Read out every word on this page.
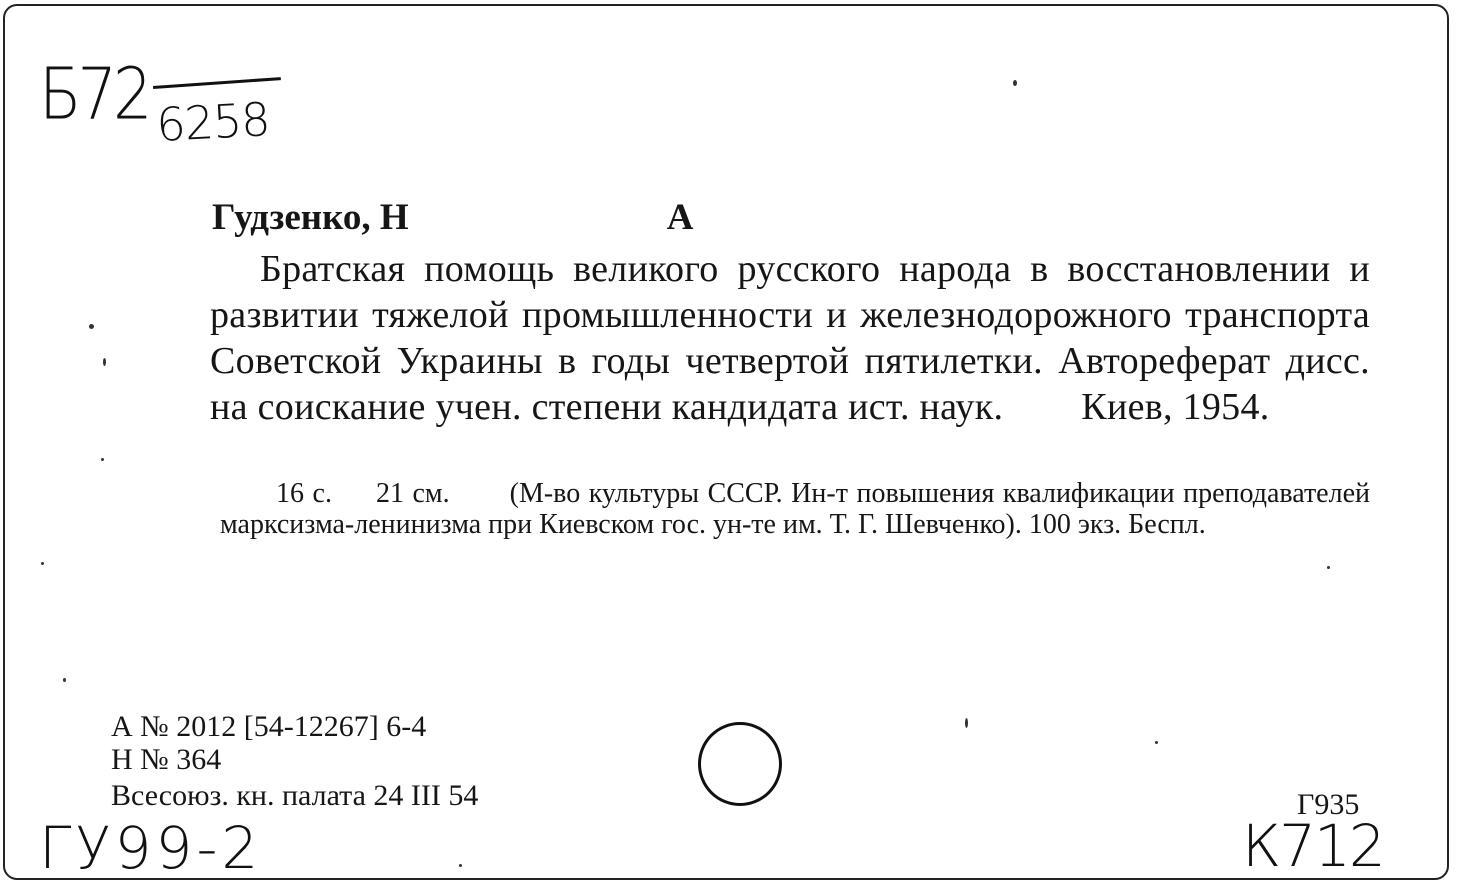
Б72 6258
Гудзенко, Н	А
Братская помощь великого русского народа в восстановлении и развитии тяжелой промышленности и железнодорожного транспорта Советской Украины в годы четвертой пятилетки. Автореферат дисс. на соискание учен. степени кандидата ист. наук. Киев, 1954.
16 с. 21 см. (М-во культуры СССР. Ин-т повышения квалификации преподавателей марксизма-ленинизма при Киевском гос. ун-те им. Т. Г. Шевченко). 100 экз. Беспл.
А № 2012 [54-12267] 6-4
Н № 364
Всесоюз. кн. палата 24 III 54	Г935
ГУ99-2	К712
